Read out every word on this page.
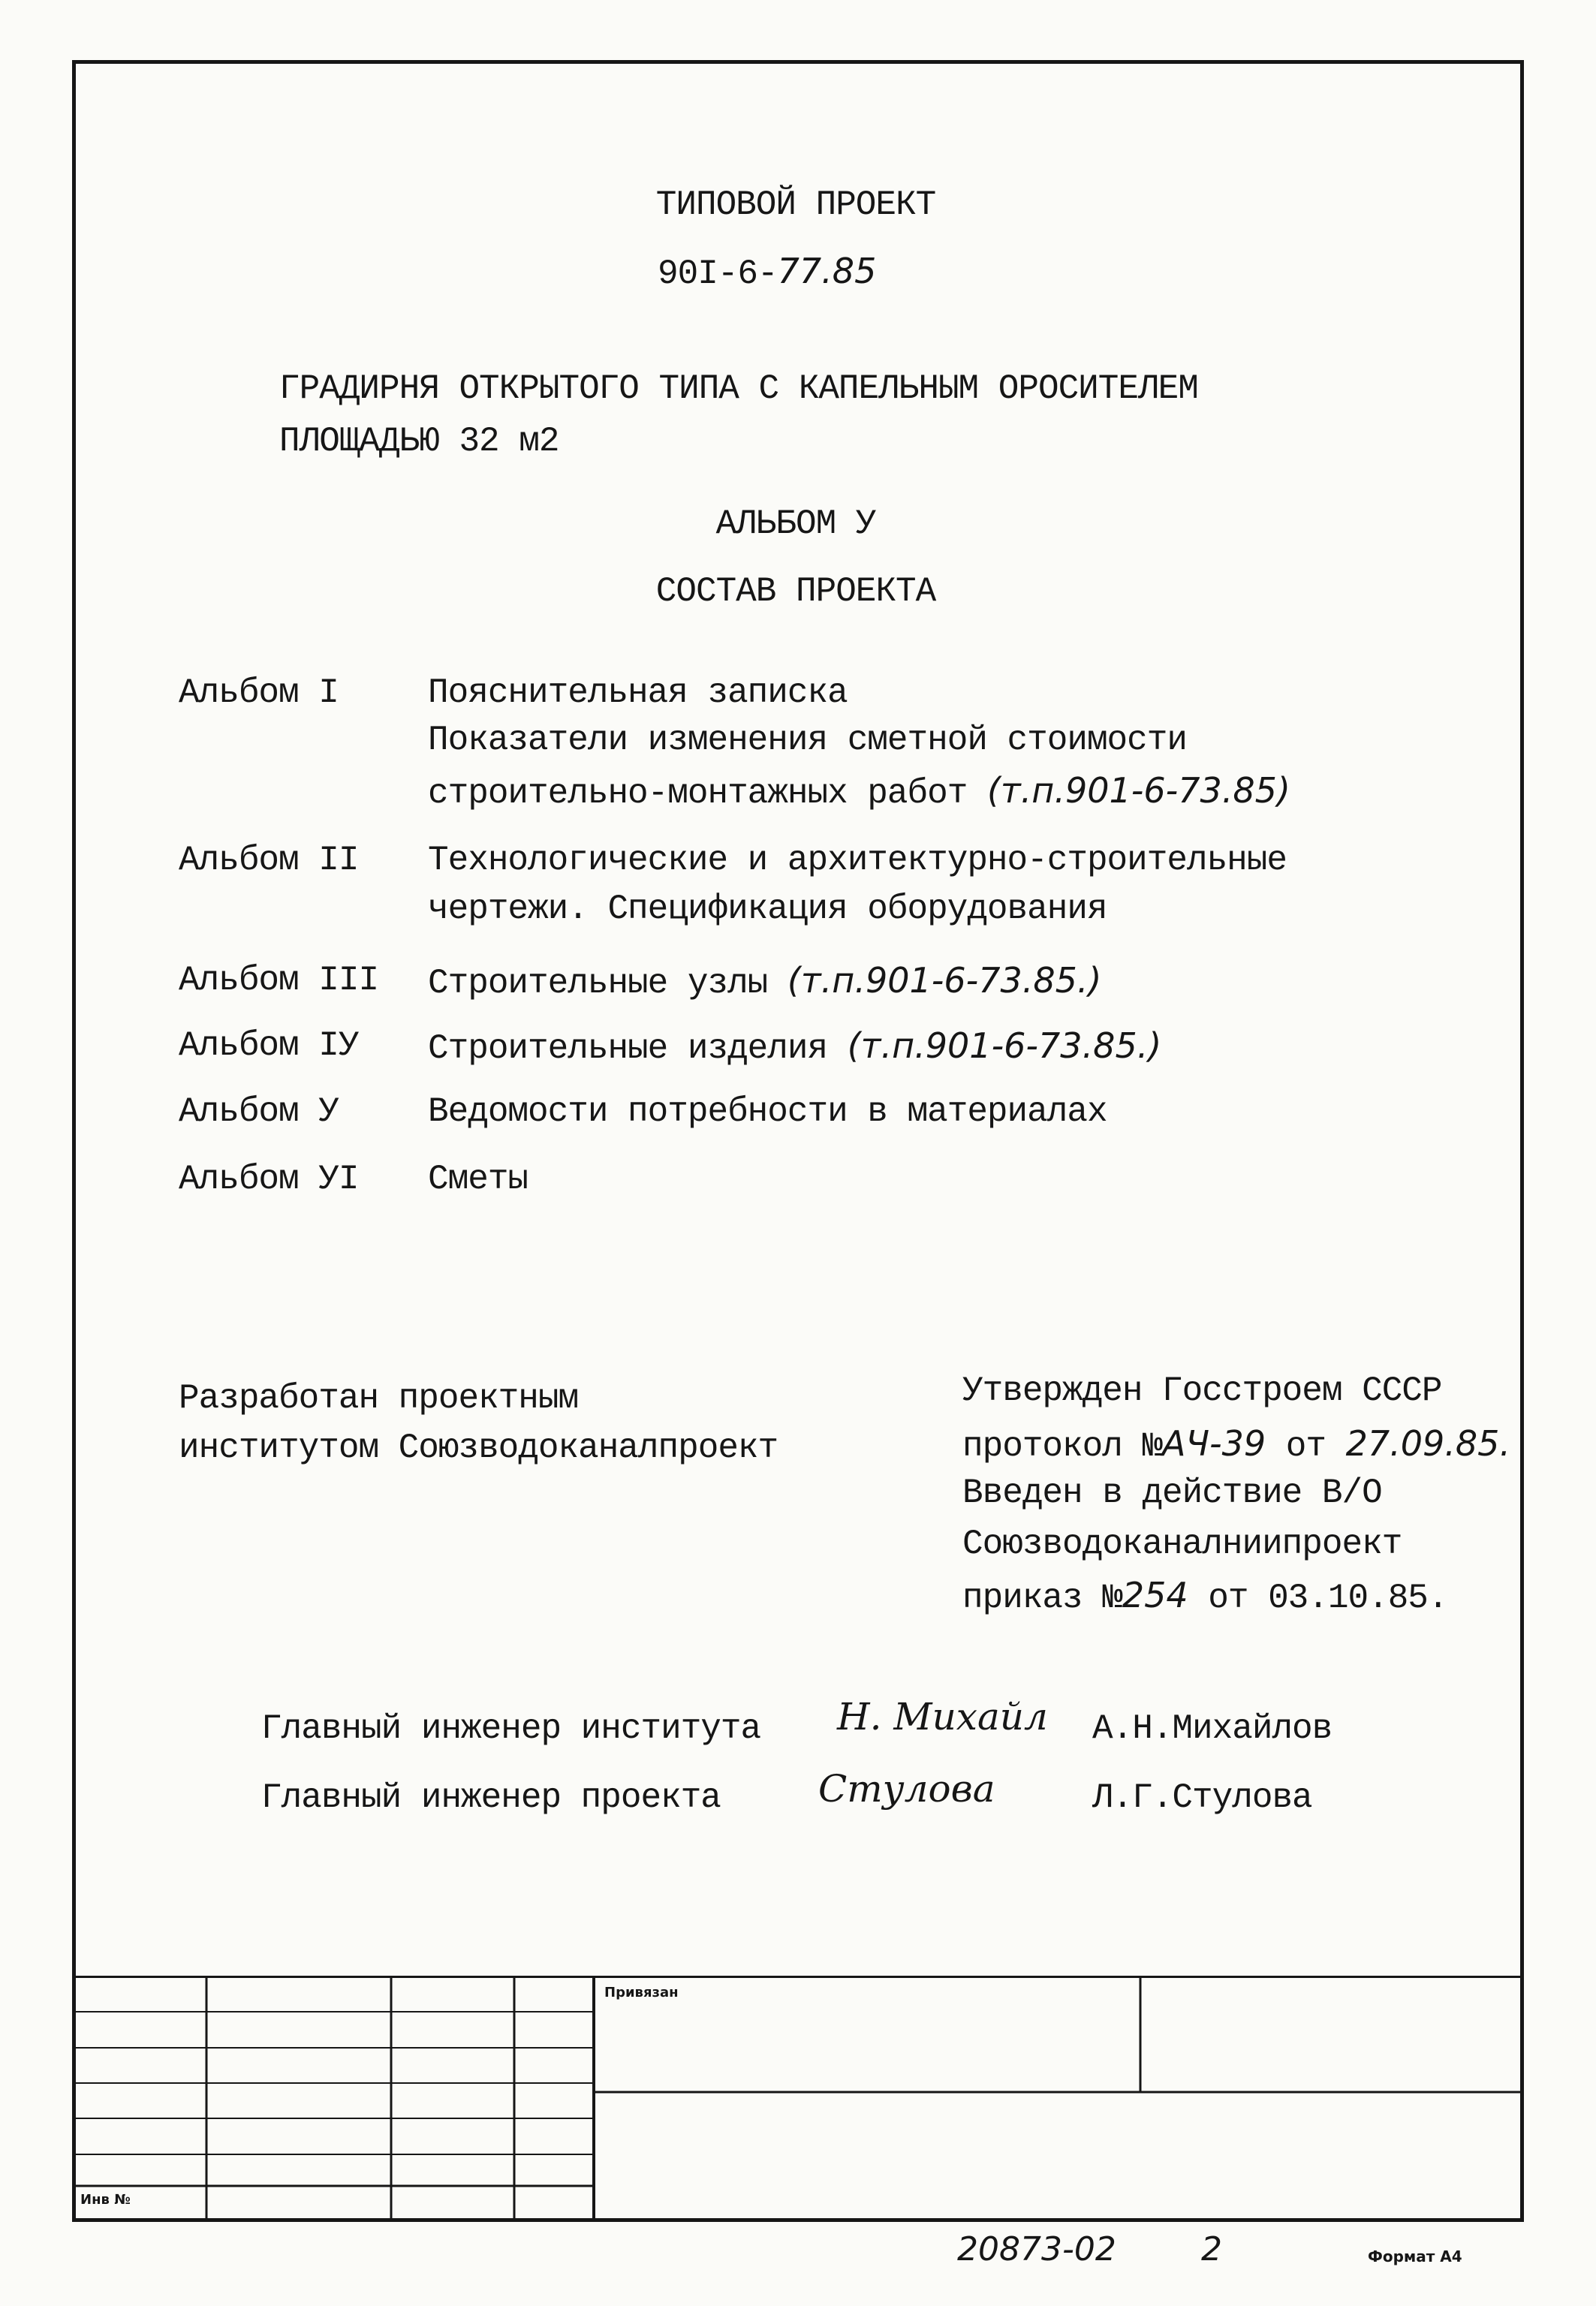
ТИПОВОЙ ПРОЕКТ
90I-6-77.85
ГРАДИРНЯ ОТКРЫТОГО ТИПА С КАПЕЛЬНЫМ ОРОСИТЕЛЕМ
ПЛОЩАДЬЮ 32 м2
АЛЬБОМ У
СОСТАВ ПРОЕКТА
Альбом I	Пояснительная записка
Показатели изменения сметной стоимости
строительно-монтажных работ (т.п.901-6-73.85)
Альбом II Технологические и архитектурно-строительные
чертежи. Спецификация оборудования
Альбом III Строительные узлы (т.п.901-6-73.85.)
Альбом IУ Строительные изделия (т.п.901-6-73.85.)
Альбом У	Ведомости потребности в материалах
Альбом УI Сметы
Разработан проектным
институтом Союзводоканалпроект
Утвержден Госстроем СССР
протокол №АЧ-39 от 27.09.85.
Введен в действие В/О
Союзводоканалниипроект
приказ №254 от 03.10.85.
Главный инженер института Н. Михайл А.Н.Михайлов
Главный инженер проекта	Стулова	Л.Г.Стулова
Привязан
Инв №
20873-02	2	Формат А4
